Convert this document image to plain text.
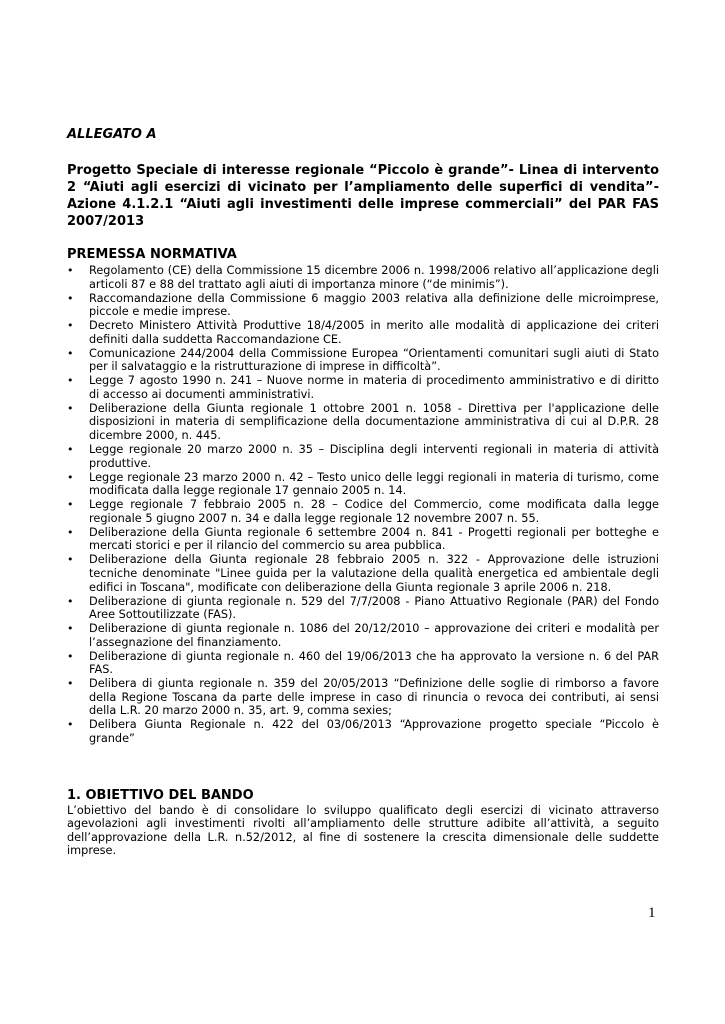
ALLEGATO A

Progetto Speciale di interesse regionale “Piccolo è grande”- Linea di intervento 2 “Aiuti agli esercizi di vicinato per l’ampliamento delle superfici di vendita”- Azione 4.1.2.1 “Aiuti agli investimenti delle imprese commerciali” del PAR FAS 2007/2013

PREMESSA NORMATIVA

•	Regolamento (CE) della Commissione 15 dicembre 2006 n. 1998/2006 relativo all’applicazione degli articoli 87 e 88 del trattato agli aiuti di importanza minore (“de minimis”).
•	Raccomandazione della Commissione 6 maggio 2003 relativa alla definizione delle microimprese, piccole e medie imprese.
•	Decreto Ministero Attività Produttive 18/4/2005 in merito alle modalità di applicazione dei criteri definiti dalla suddetta Raccomandazione CE.
•	Comunicazione 244/2004 della Commissione Europea “Orientamenti comunitari sugli aiuti di Stato per il salvataggio e la ristrutturazione di imprese in difficoltà”.
•	Legge 7 agosto 1990 n. 241 – Nuove norme in materia di procedimento amministrativo e di diritto di accesso ai documenti amministrativi.
•	Deliberazione della Giunta regionale 1 ottobre 2001 n. 1058 - Direttiva per l'applicazione delle disposizioni in materia di semplificazione della documentazione amministrativa di cui al D.P.R. 28 dicembre 2000, n. 445.
•	Legge regionale 20 marzo 2000 n. 35 – Disciplina degli interventi regionali in materia di attività produttive.
•	Legge regionale 23 marzo 2000 n. 42 – Testo unico delle leggi regionali in materia di turismo, come modificata dalla legge regionale 17 gennaio 2005 n. 14.
•	Legge regionale 7 febbraio 2005 n. 28 – Codice del Commercio, come modificata dalla legge regionale 5 giugno 2007 n. 34 e dalla legge regionale 12 novembre 2007 n. 55.
•	Deliberazione della Giunta regionale 6 settembre 2004 n. 841 - Progetti regionali per botteghe e mercati storici e per il rilancio del commercio su area pubblica.
•	Deliberazione della Giunta regionale 28 febbraio 2005 n. 322 - Approvazione delle istruzioni tecniche denominate "Linee guida per la valutazione della qualità energetica ed ambientale degli edifici in Toscana", modificate con deliberazione della Giunta regionale 3 aprile 2006 n. 218.
•	Deliberazione di giunta regionale n. 529 del 7/7/2008 - Piano Attuativo Regionale (PAR) del Fondo Aree Sottoutilizzate (FAS).
•	Deliberazione di giunta regionale n. 1086 del 20/12/2010 – approvazione dei criteri e modalità per l’assegnazione del finanziamento.
•	Deliberazione di giunta regionale n. 460 del 19/06/2013 che ha approvato la versione n. 6 del PAR FAS.
•	Delibera di giunta regionale n. 359 del 20/05/2013 “Definizione delle soglie di rimborso a favore della Regione Toscana da parte delle imprese in caso di rinuncia o revoca dei contributi, ai sensi della L.R. 20 marzo 2000 n. 35, art. 9, comma sexies;
•	Delibera Giunta Regionale n. 422 del 03/06/2013 “Approvazione progetto speciale “Piccolo è grande”

1. OBIETTIVO DEL BANDO

L’obiettivo del bando è di consolidare lo sviluppo qualificato degli esercizi di vicinato attraverso agevolazioni agli investimenti rivolti all’ampliamento delle strutture adibite all’attività, a seguito dell’approvazione della L.R. n.52/2012, al fine di sostenere la crescita dimensionale delle suddette imprese.

1
